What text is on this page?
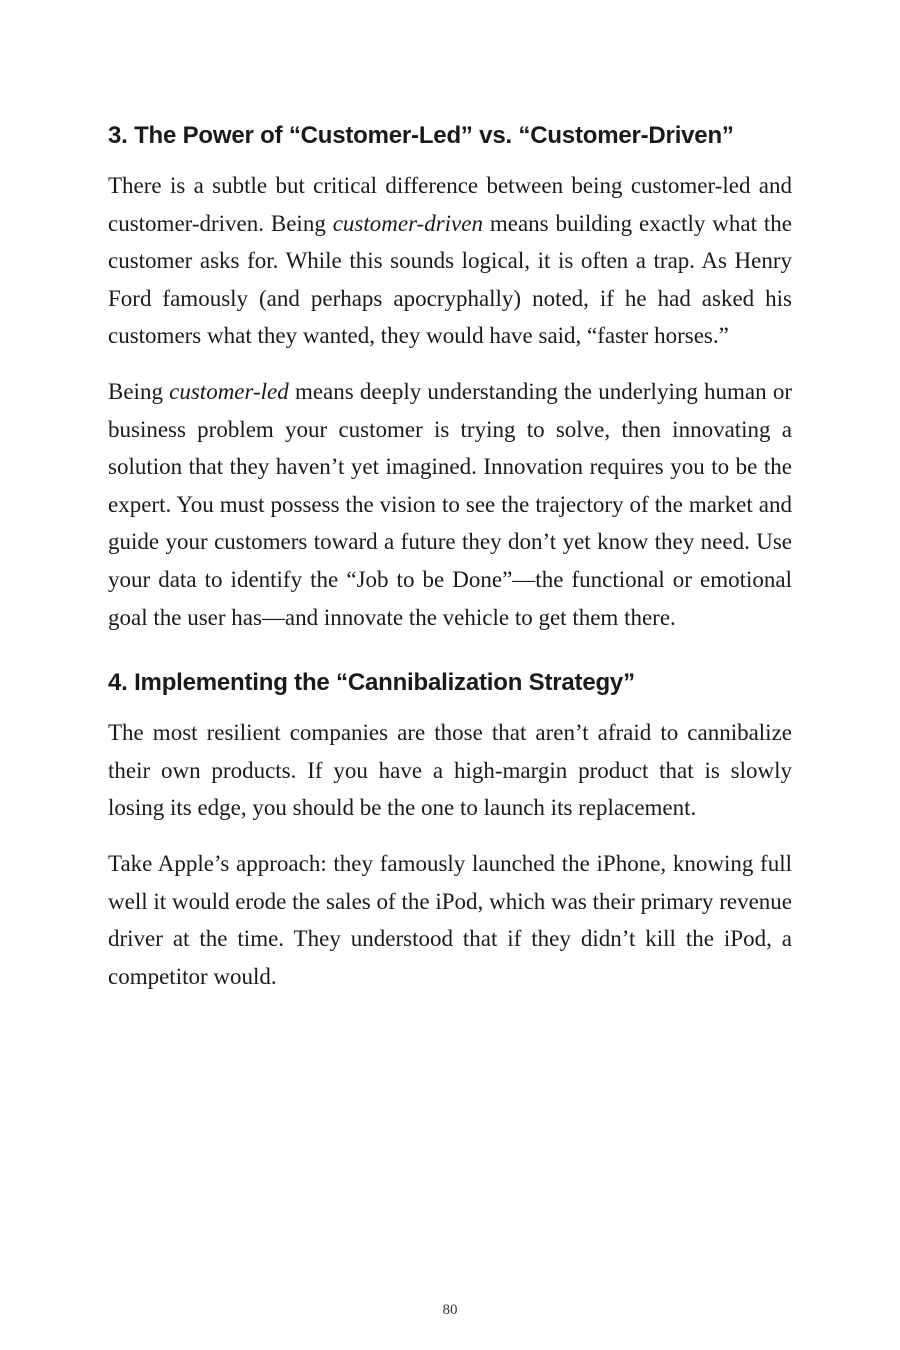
3. The Power of “Customer-Led” vs. “Customer-Driven”

There is a subtle but critical difference between being customer-led and customer-driven. Being customer-driven means building exactly what the customer asks for. While this sounds logical, it is often a trap. As Henry Ford famously (and perhaps apocryphally) noted, if he had asked his customers what they wanted, they would have said, “faster horses.”

Being customer-led means deeply understanding the underlying human or business problem your customer is trying to solve, then innovating a solution that they haven’t yet imagined. Innovation requires you to be the expert. You must possess the vision to see the trajectory of the market and guide your customers toward a future they don’t yet know they need. Use your data to identify the “Job to be Done”—the functional or emotional goal the user has—and innovate the vehicle to get them there.

4. Implementing the “Cannibalization Strategy”

The most resilient companies are those that aren’t afraid to cannibalize their own products. If you have a high-margin product that is slowly losing its edge, you should be the one to launch its replacement.

Take Apple’s approach: they famously launched the iPhone, knowing full well it would erode the sales of the iPod, which was their primary revenue driver at the time. They understood that if they didn’t kill the iPod, a competitor would.

80
